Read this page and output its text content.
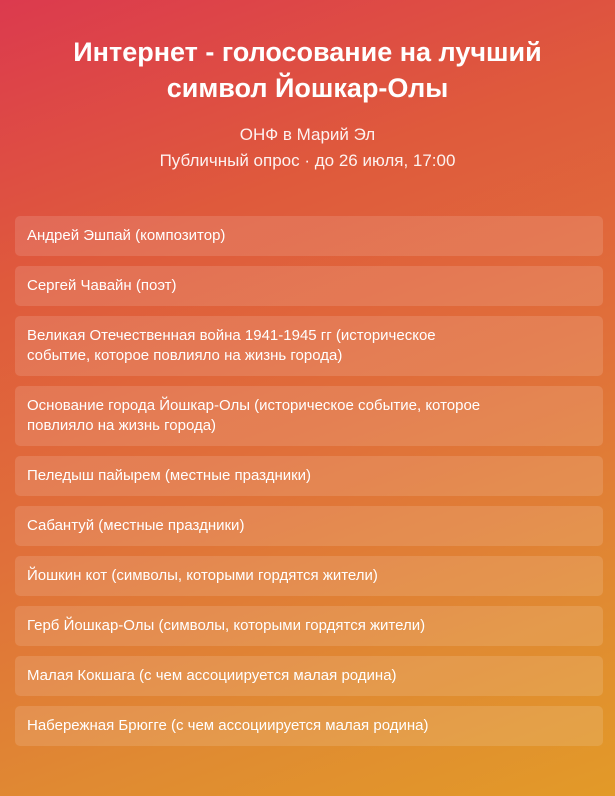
Интернет - голосование на лучший символ Йошкар-Олы
ОНФ в Марий Эл
Публичный опрос · до 26 июля, 17:00
Андрей Эшпай (композитор)
Сергей Чавайн (поэт)
Великая Отечественная война 1941-1945 гг (историческое событие, которое повлияло на жизнь города)
Основание города Йошкар-Олы (историческое событие, которое повлияло на жизнь города)
Пеледыш пайырем (местные праздники)
Сабантуй (местные праздники)
Йошкин кот (символы, которыми гордятся жители)
Герб Йошкар-Олы (символы, которыми гордятся жители)
Малая Кокшага (с чем ассоциируется малая родина)
Набережная Брюгге (с чем ассоциируется малая родина)
